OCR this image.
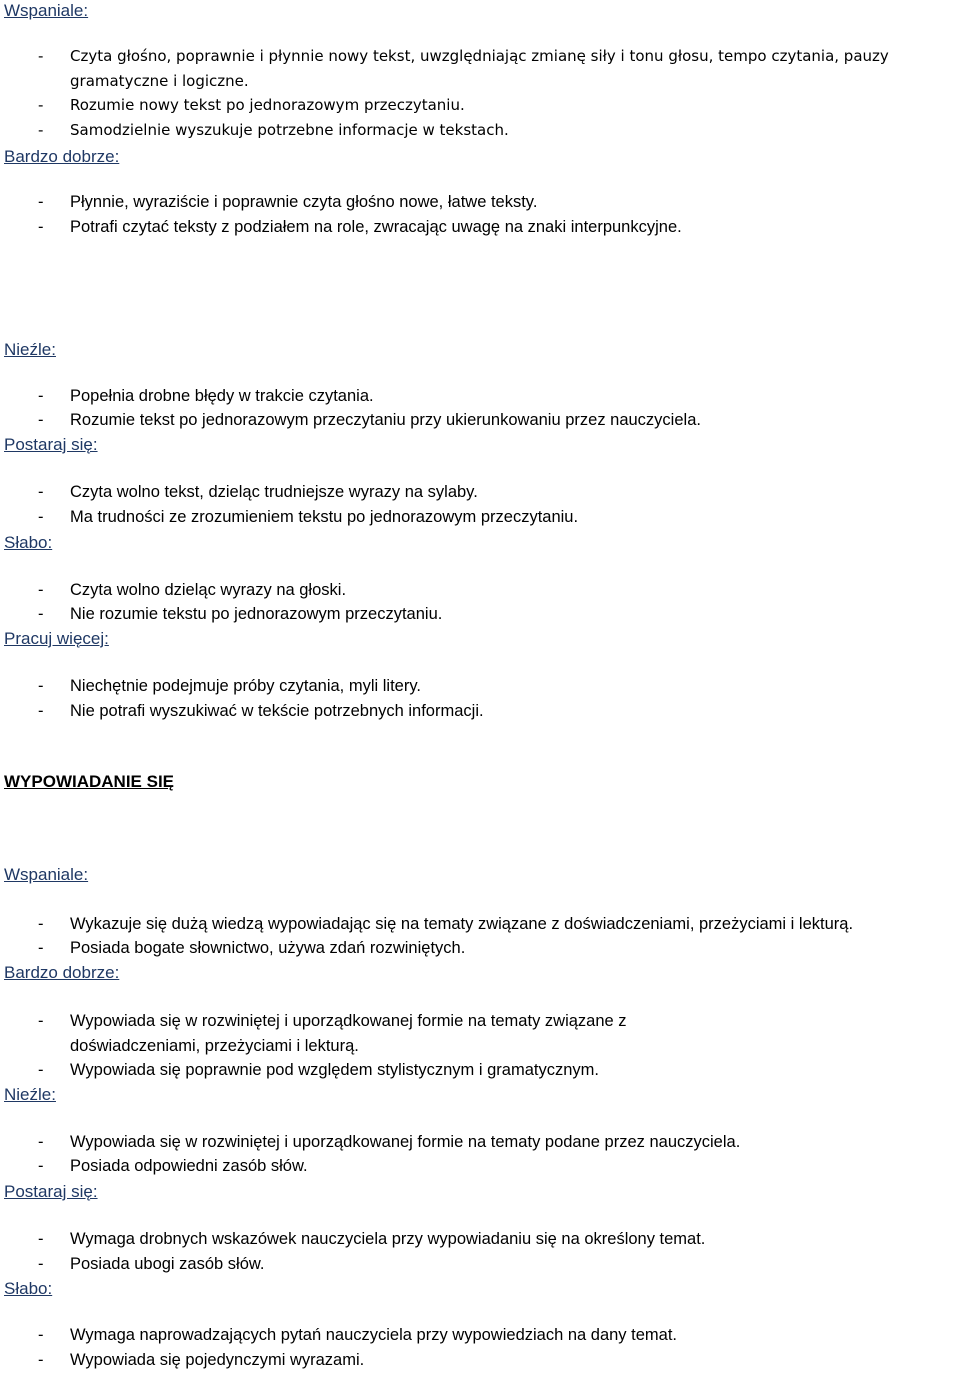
Wspaniale:

-	Czyta głośno, poprawnie i płynnie nowy tekst, uwzględniając zmianę siły i tonu głosu, tempo czytania, pauzy gramatyczne i logiczne.
-	Rozumie nowy tekst po jednorazowym przeczytaniu.
-	Samodzielnie wyszukuje potrzebne informacje w tekstach.

Bardzo dobrze:

-	Płynnie, wyraziście i poprawnie czyta głośno nowe, łatwe teksty.
-	Potrafi czytać teksty z podziałem na role, zwracając uwagę na znaki interpunkcyjne.

Nieźle:

-	Popełnia drobne błędy w trakcie czytania.
-	Rozumie tekst po jednorazowym przeczytaniu przy ukierunkowaniu przez nauczyciela.

Postaraj się:

-	Czyta wolno tekst, dzieląc trudniejsze wyrazy na sylaby.
-	Ma trudności ze zrozumieniem tekstu po jednorazowym przeczytaniu.

Słabo:

-	Czyta wolno dzieląc wyrazy na głoski.
-	Nie rozumie tekstu po jednorazowym przeczytaniu.

Pracuj więcej:

-	Niechętnie podejmuje próby czytania, myli litery.
-	Nie potrafi wyszukiwać w tekście potrzebnych informacji.

WYPOWIADANIE SIĘ

Wspaniale:

-	Wykazuje się dużą wiedzą wypowiadając się na tematy związane z doświadczeniami, przeżyciami i lekturą.
-	Posiada bogate słownictwo, używa zdań rozwiniętych.

Bardzo dobrze:

-	Wypowiada się w rozwiniętej i uporządkowanej formie na tematy związane z doświadczeniami, przeżyciami i lekturą.
-	Wypowiada się poprawnie pod względem stylistycznym i gramatycznym.

Nieźle:

-	Wypowiada się w rozwiniętej i uporządkowanej formie na tematy podane przez nauczyciela.
-	Posiada odpowiedni zasób słów.

Postaraj się:

-	Wymaga drobnych wskazówek nauczyciela przy wypowiadaniu się na określony temat.
-	Posiada ubogi zasób słów.

Słabo:

-	Wymaga naprowadzających pytań nauczyciela przy wypowiedziach na dany temat.
-	Wypowiada się pojedynczymi wyrazami.
